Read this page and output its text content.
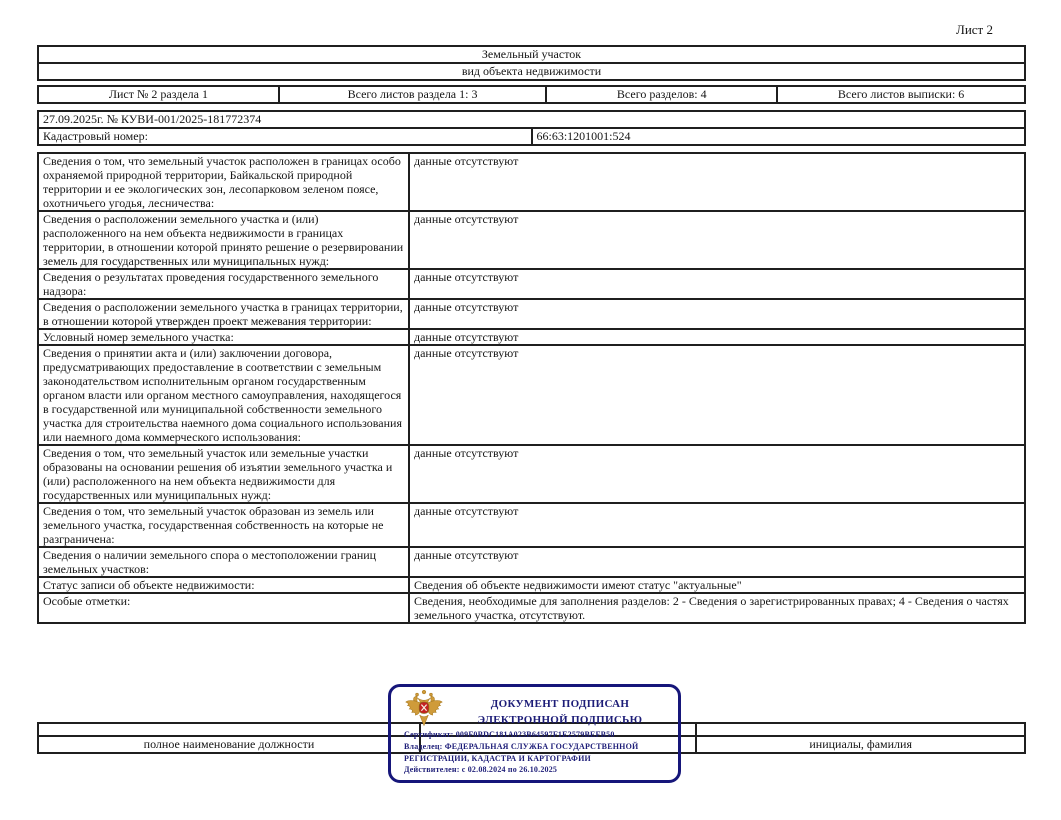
Лист 2
Земельный участок
вид объекта недвижимости
Лист № 2 раздела 1	Всего листов раздела 1: 3	Всего разделов: 4	Всего листов выписки: 6
27.09.2025г. № КУВИ-001/2025-181772374
Кадастровый номер:	66:63:1201001:524
Сведения о том, что земельный участок расположен в границах особо охраняемой природной территории, Байкальской природной территории и ее экологических зон, лесопарковом зеленом поясе, охотничьего угодья, лесничества:	данные отсутствуют
Сведения о расположении земельного участка и (или) расположенного на нем объекта недвижимости в границах территории, в отношении которой принято решение о резервировании земель для государственных или муниципальных нужд:	данные отсутствуют
Сведения о результатах проведения государственного земельного надзора:	данные отсутствуют
Сведения о расположении земельного участка в границах территории, в отношении которой утвержден проект межевания территории:	данные отсутствуют
Условный номер земельного участка:	данные отсутствуют
Сведения о принятии акта и (или) заключении договора, предусматривающих предоставление в соответствии с земельным законодательством исполнительным органом государственным органом власти или органом местного самоуправления, находящегося в государственной или муниципальной собственности земельного участка для строительства наемного дома социального использования или наемного дома коммерческого использования:	данные отсутствуют
Сведения о том, что земельный участок или земельные участки образованы на основании решения об изъятии земельного участка и (или) расположенного на нем объекта недвижимости для государственных или муниципальных нужд:	данные отсутствуют
Сведения о том, что земельный участок образован из земель или земельного участка, государственная собственность на которые не разграничена:	данные отсутствуют
Сведения о наличии земельного спора о местоположении границ земельных участков:	данные отсутствуют
Статус записи об объекте недвижимости:	Сведения об объекте недвижимости имеют статус "актуальные"
Особые отметки:	Сведения, необходимые для заполнения разделов: 2 - Сведения о зарегистрированных правах; 4 - Сведения о частях земельного участка, отсутствуют.

полное наименование должности		инициалы, фамилия
ДОКУМЕНТ ПОДПИСАН
ЭЛЕКТРОННОЙ ПОДПИСЬЮ
Сертификат: 009F0BDC181A023B64597F1E2579BEFB50
Владелец: ФЕДЕРАЛЬНАЯ СЛУЖБА ГОСУДАРСТВЕННОЙ
РЕГИСТРАЦИИ, КАДАСТРА И КАРТОГРАФИИ
Действителен: с 02.08.2024 по 26.10.2025
